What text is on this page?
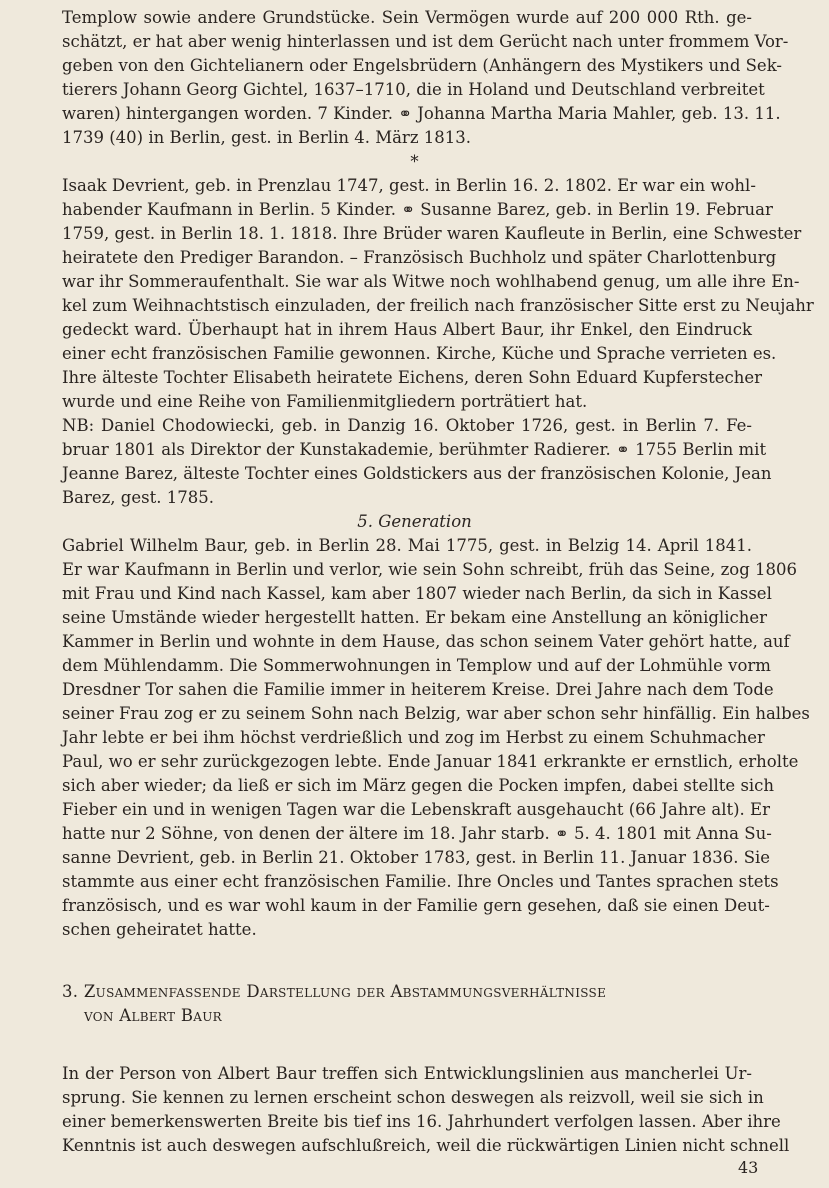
Templow sowie andere Grundstücke. Sein Vermögen wurde auf 200 000 Rth. ge-
schätzt, er hat aber wenig hinterlassen und ist dem Gerücht nach unter frommem Vor-
geben von den Gichtelianern oder Engelsbrüdern (Anhängern des Mystikers und Sek-
tierers Johann Georg Gichtel, 1637–1710, die in Holand und Deutschland verbreitet
waren) hintergangen worden. 7 Kinder. ⚭ Johanna Martha Maria Mahler, geb. 13. 11.
1739 (40) in Berlin, gest. in Berlin 4. März 1813.
*
Isaak Devrient, geb. in Prenzlau 1747, gest. in Berlin 16. 2. 1802. Er war ein wohl-
habender Kaufmann in Berlin. 5 Kinder. ⚭ Susanne Barez, geb. in Berlin 19. Februar
1759, gest. in Berlin 18. 1. 1818. Ihre Brüder waren Kaufleute in Berlin, eine Schwester
heiratete den Prediger Barandon. – Französisch Buchholz und später Charlottenburg
war ihr Sommeraufenthalt. Sie war als Witwe noch wohlhabend genug, um alle ihre En-
kel zum Weihnachtstisch einzuladen, der freilich nach französischer Sitte erst zu Neujahr
gedeckt ward. Überhaupt hat in ihrem Haus Albert Baur, ihr Enkel, den Eindruck
einer echt französischen Familie gewonnen. Kirche, Küche und Sprache verrieten es.
Ihre älteste Tochter Elisabeth heiratete Eichens, deren Sohn Eduard Kupferstecher
wurde und eine Reihe von Familienmitgliedern porträtiert hat.
NB: Daniel Chodowiecki, geb. in Danzig 16. Oktober 1726, gest. in Berlin 7. Fe-
bruar 1801 als Direktor der Kunstakademie, berühmter Radierer. ⚭ 1755 Berlin mit
Jeanne Barez, älteste Tochter eines Goldstickers aus der französischen Kolonie, Jean
Barez, gest. 1785.
5. Generation
Gabriel Wilhelm Baur, geb. in Berlin 28. Mai 1775, gest. in Belzig 14. April 1841.
Er war Kaufmann in Berlin und verlor, wie sein Sohn schreibt, früh das Seine, zog 1806
mit Frau und Kind nach Kassel, kam aber 1807 wieder nach Berlin, da sich in Kassel
seine Umstände wieder hergestellt hatten. Er bekam eine Anstellung an königlicher
Kammer in Berlin und wohnte in dem Hause, das schon seinem Vater gehört hatte, auf
dem Mühlendamm. Die Sommerwohnungen in Templow und auf der Lohmühle vorm
Dresdner Tor sahen die Familie immer in heiterem Kreise. Drei Jahre nach dem Tode
seiner Frau zog er zu seinem Sohn nach Belzig, war aber schon sehr hinfällig. Ein halbes
Jahr lebte er bei ihm höchst verdrießlich und zog im Herbst zu einem Schuhmacher
Paul, wo er sehr zurückgezogen lebte. Ende Januar 1841 erkrankte er ernstlich, erholte
sich aber wieder; da ließ er sich im März gegen die Pocken impfen, dabei stellte sich
Fieber ein und in wenigen Tagen war die Lebenskraft ausgehaucht (66 Jahre alt). Er
hatte nur 2 Söhne, von denen der ältere im 18. Jahr starb. ⚭ 5. 4. 1801 mit Anna Su-
sanne Devrient, geb. in Berlin 21. Oktober 1783, gest. in Berlin 11. Januar 1836. Sie
stammte aus einer echt französischen Familie. Ihre Oncles und Tantes sprachen stets
französisch, und es war wohl kaum in der Familie gern gesehen, daß sie einen Deut-
schen geheiratet hatte.
3. Zusammenfassende Darstellung der Abstammungsverhältnisse
von Albert Baur
In der Person von Albert Baur treffen sich Entwicklungslinien aus mancherlei Ur-
sprung. Sie kennen zu lernen erscheint schon deswegen als reizvoll, weil sie sich in
einer bemerkenswerten Breite bis tief ins 16. Jahrhundert verfolgen lassen. Aber ihre
Kenntnis ist auch deswegen aufschlußreich, weil die rückwärtigen Linien nicht schnell
43
